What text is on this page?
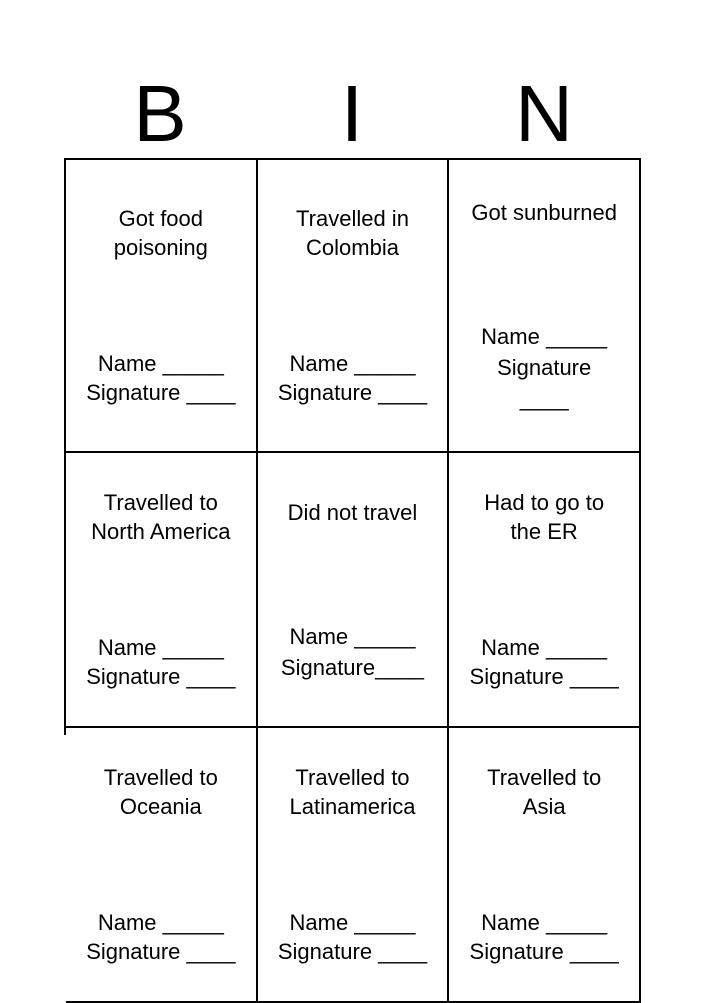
B	I	N

Got food
poisoning

Name _____
Signature ____

Travelled in
Colombia

Name _____
Signature ____

Got sunburned

Name _____
Signature
____

Travelled to
North America

Name _____
Signature ____

Did not travel

Name _____
Signature____

Had to go to
the ER

Name _____
Signature ____

Travelled to
Oceania

Name _____
Signature ____

Travelled to
Latinamerica

Name _____
Signature ____

Travelled to
Asia

Name _____
Signature ____
